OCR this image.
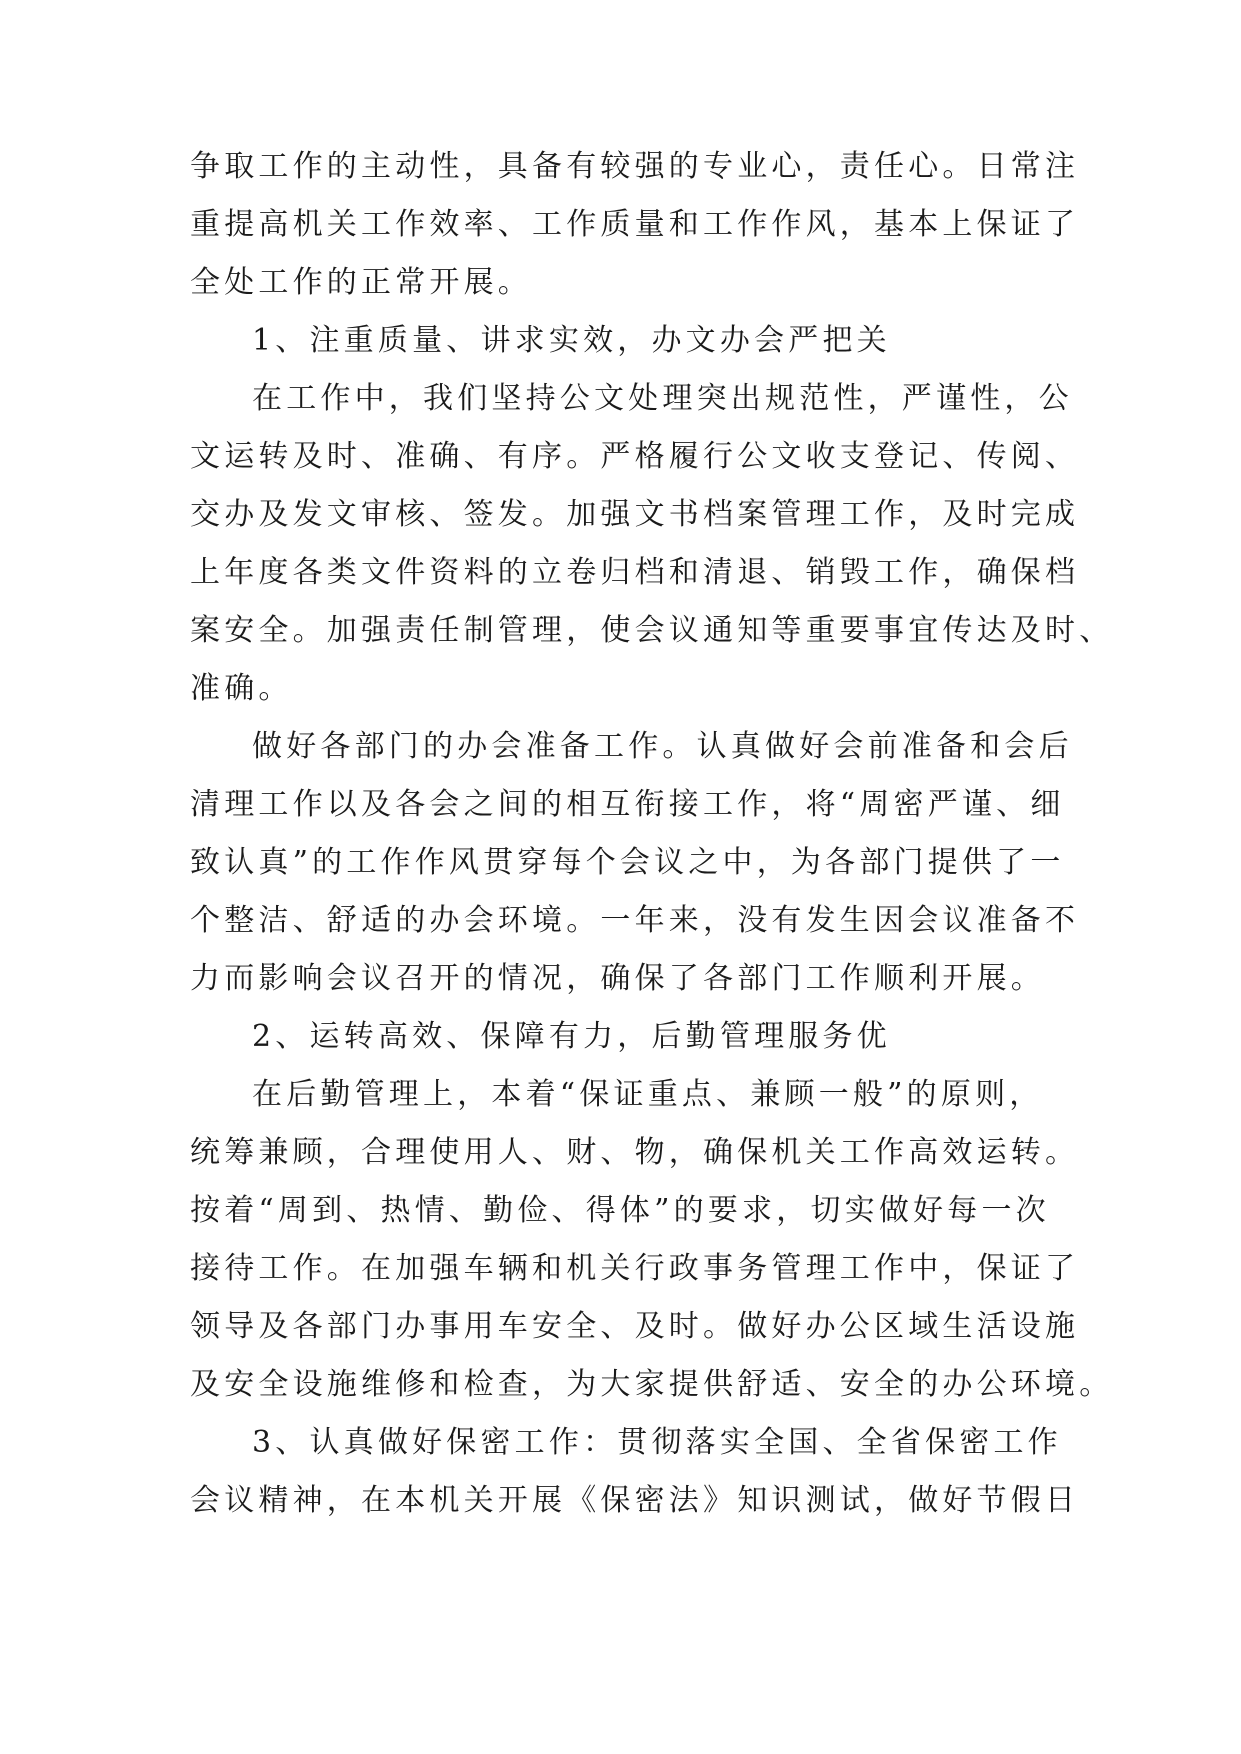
争取工作的主动性，具备有较强的专业心，责任心。日常注
重提高机关工作效率、工作质量和工作作风，基本上保证了
全处工作的正常开展。
1、注重质量、讲求实效，办文办会严把关
在工作中，我们坚持公文处理突出规范性，严谨性，公
文运转及时、准确、有序。严格履行公文收支登记、传阅、
交办及发文审核、签发。加强文书档案管理工作，及时完成
上年度各类文件资料的立卷归档和清退、销毁工作，确保档
案安全。加强责任制管理，使会议通知等重要事宜传达及时、
准确。
做好各部门的办会准备工作。认真做好会前准备和会后
清理工作以及各会之间的相互衔接工作，将“周密严谨、细
致认真”的工作作风贯穿每个会议之中，为各部门提供了一
个整洁、舒适的办会环境。一年来，没有发生因会议准备不
力而影响会议召开的情况，确保了各部门工作顺利开展。
2、运转高效、保障有力，后勤管理服务优
在后勤管理上，本着“保证重点、兼顾一般”的原则，
统筹兼顾，合理使用人、财、物，确保机关工作高效运转。
按着“周到、热情、勤俭、得体”的要求，切实做好每一次
接待工作。在加强车辆和机关行政事务管理工作中，保证了
领导及各部门办事用车安全、及时。做好办公区域生活设施
及安全设施维修和检查，为大家提供舒适、安全的办公环境。
3、认真做好保密工作：贯彻落实全国、全省保密工作
会议精神，在本机关开展《保密法》知识测试，做好节假日
